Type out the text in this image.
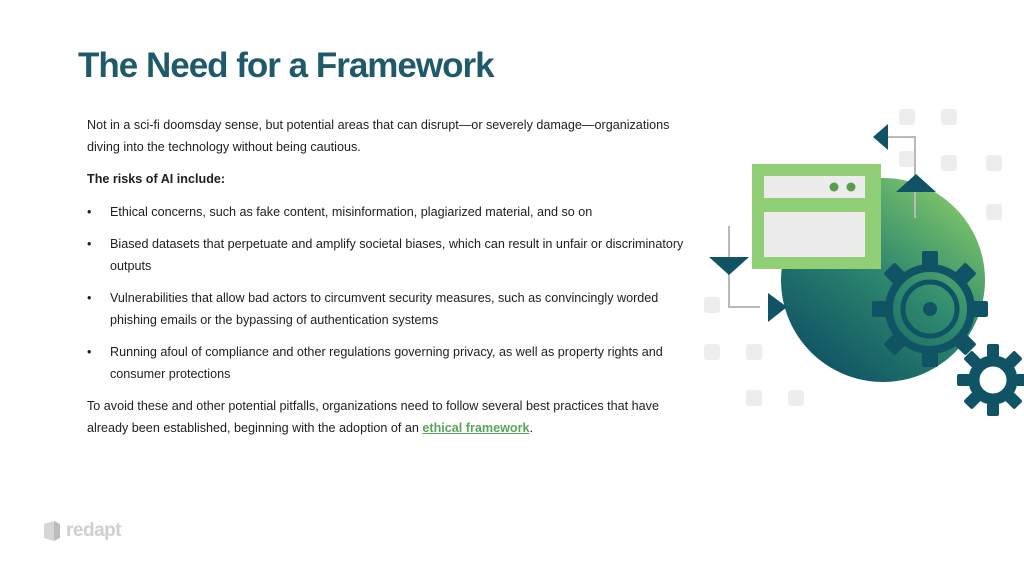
The Need for a Framework

Not in a sci-fi doomsday sense, but potential areas that can disrupt—or severely damage—organizations diving into the technology without being cautious.

The risks of AI include:

• Ethical concerns, such as fake content, misinformation, plagiarized material, and so on
• Biased datasets that perpetuate and amplify societal biases, which can result in unfair or discriminatory outputs
• Vulnerabilities that allow bad actors to circumvent security measures, such as convincingly worded phishing emails or the bypassing of authentication systems
• Running afoul of compliance and other regulations governing privacy, as well as property rights and consumer protections

To avoid these and other potential pitfalls, organizations need to follow several best practices that have already been established, beginning with the adoption of an ethical framework.

redapt
